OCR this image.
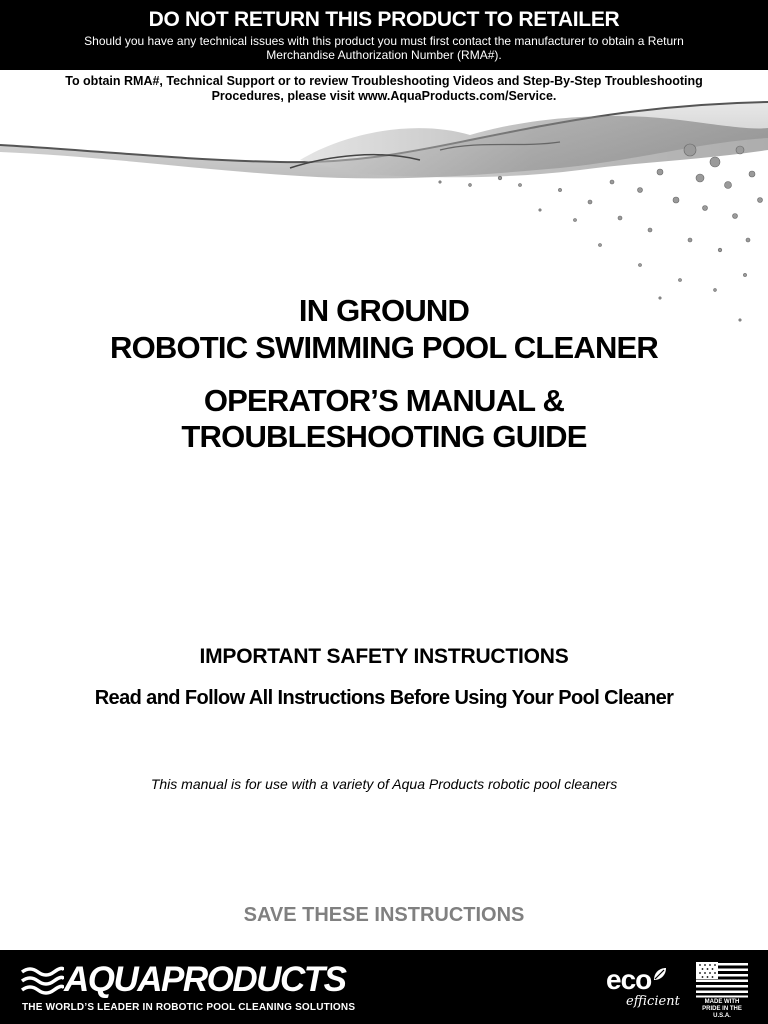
DO NOT RETURN THIS PRODUCT TO RETAILER

Should you have any technical issues with this product you must first contact the manufacturer to obtain a Return Merchandise Authorization Number (RMA#).

To obtain RMA#, Technical Support or to review Troubleshooting Videos and Step-By-Step Troubleshooting Procedures, please visit www.AquaProducts.com/Service.
IN GROUND
ROBOTIC SWIMMING POOL CLEANER
OPERATOR’S MANUAL &
TROUBLESHOOTING GUIDE
IMPORTANT SAFETY INSTRUCTIONS
Read and Follow All Instructions Before Using Your Pool Cleaner
This manual is for use with a variety of Aqua Products robotic pool cleaners
SAVE THESE INSTRUCTIONS
AQUAPRODUCTS
THE WORLD’S LEADER IN ROBOTIC POOL CLEANING SOLUTIONS
eco
efficient	MADE WITH PRIDE IN THE U.S.A.
